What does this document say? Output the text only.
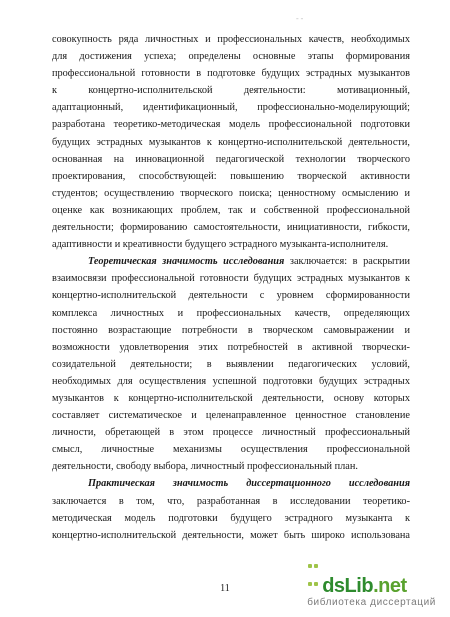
- -
совокупность ряда личностных и профессиональных качеств, необходимых
для достижения успеха; определены основные этапы формирования
профессиональной готовности в подготовке будущих эстрадных музыкантов
к концертно-исполнительской деятельности: мотивационный,
адаптационный, идентификационный, профессионально-моделирующий;
разработана теоретико-методическая модель профессиональной подготовки
будущих эстрадных музыкантов к концертно-исполнительской деятельности,
основанная на инновационной педагогической технологии творческого
проектирования, способствующей: повышению творческой активности
студентов; осуществлению творческого поиска; ценностному осмыслению и
оценке как возникающих проблем, так и собственной профессиональной
деятельности; формированию самостоятельности, инициативности, гибкости,
адаптивности и креативности будущего эстрадного музыканта-исполнителя.
Теоретическая значимость исследования заключается: в раскрытии
взаимосвязи профессиональной готовности будущих эстрадных музыкантов к
концертно-исполнительской деятельности с уровнем сформированности
комплекса личностных и профессиональных качеств, определяющих
постоянно возрастающие потребности в творческом самовыражении и
возможности удовлетворения этих потребностей в активной творчески-
созидательной деятельности; в выявлении педагогических условий,
необходимых для осуществления успешной подготовки будущих эстрадных
музыкантов к концертно-исполнительской деятельности, основу которых
составляет систематическое и целенаправленное ценностное становление
личности, обретающей в этом процессе личностный профессиональный
смысл, личностные механизмы осуществления профессиональной
деятельности, свободу выбора, личностный профессиональный план.
Практическая значимость диссертационного исследования
заключается в том, что, разработанная в исследовании теоретико-
методическая модель подготовки будущего эстрадного музыканта к
концертно-исполнительской деятельности, может быть широко использована
11	dsLib.net
библиотека диссертаций
